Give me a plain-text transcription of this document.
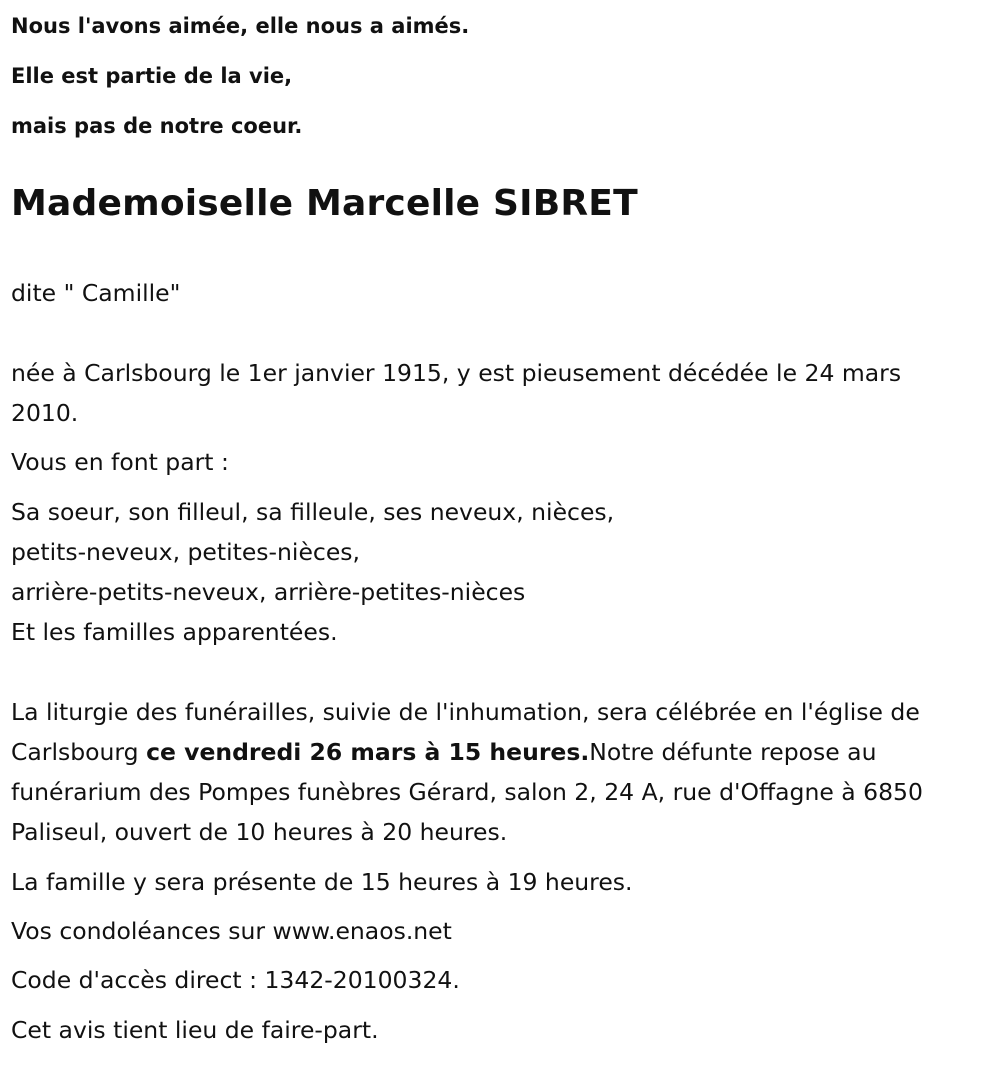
Nous l'avons aimée, elle nous a aimés.

Elle est partie de la vie,

mais pas de notre coeur.

Mademoiselle Marcelle SIBRET

dite " Camille"

née à Carlsbourg le 1er janvier 1915, y est pieusement décédée le 24 mars 2010.

Vous en font part :

Sa soeur, son filleul, sa filleule, ses neveux, nièces,
petits-neveux, petites-nièces,
arrière-petits-neveux, arrière-petites-nièces
Et les familles apparentées.

La liturgie des funérailles, suivie de l'inhumation, sera célébrée en l'église de Carlsbourg ce vendredi 26 mars à 15 heures.Notre défunte repose au funérarium des Pompes funèbres Gérard, salon 2, 24 A, rue d'Offagne à 6850 Paliseul, ouvert de 10 heures à 20 heures.

La famille y sera présente de 15 heures à 19 heures.

Vos condoléances sur www.enaos.net

Code d'accès direct : 1342-20100324.

Cet avis tient lieu de faire-part.
